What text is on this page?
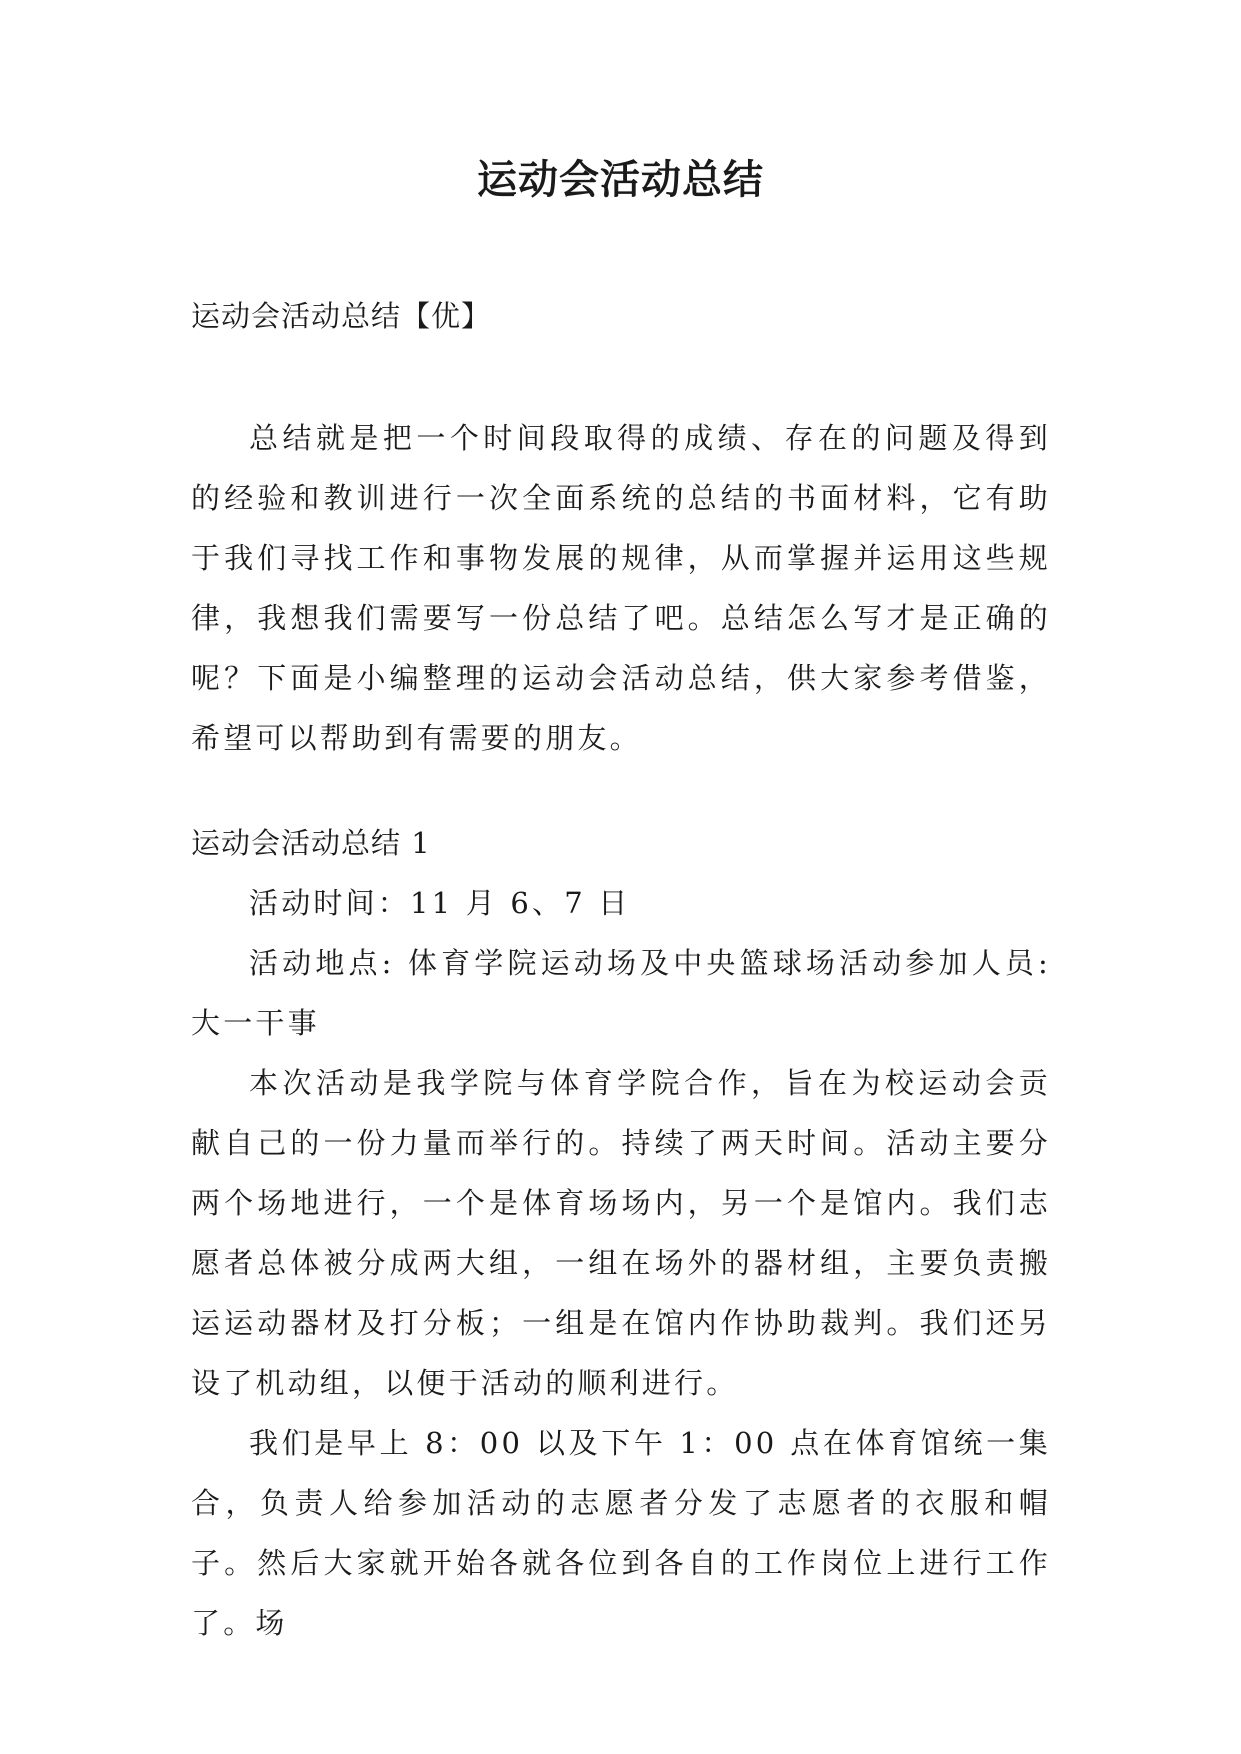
运动会活动总结
运动会活动总结【优】

总结就是把一个时间段取得的成绩、存在的问题及得到的经验和教训进行一次全面系统的总结的书面材料，它有助于我们寻找工作和事物发展的规律，从而掌握并运用这些规律，我想我们需要写一份总结了吧。总结怎么写才是正确的呢？下面是小编整理的运动会活动总结，供大家参考借鉴，希望可以帮助到有需要的朋友。

运动会活动总结 1

活动时间：11 月 6、7 日

活动地点: 体育学院运动场及中央篮球场活动参加人员: 大一干事

本次活动是我学院与体育学院合作，旨在为校运动会贡献自己的一份力量而举行的。持续了两天时间。活动主要分两个场地进行，一个是体育场场内，另一个是馆内。我们志愿者总体被分成两大组，一组在场外的器材组，主要负责搬运运动器材及打分板；一组是在馆内作协助裁判。我们还另设了机动组，以便于活动的顺利进行。

我们是早上 8：00 以及下午 1：00 点在体育馆统一集合，负责人给参加活动的志愿者分发了志愿者的衣服和帽子。然后大家就开始各就各位到各自的工作岗位上进行工作了。场
